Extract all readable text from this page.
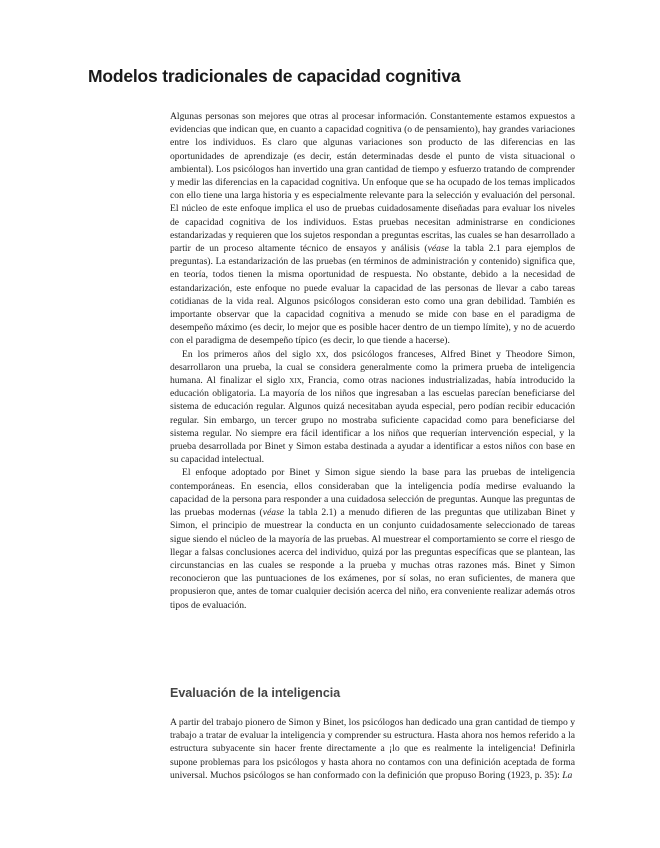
Modelos tradicionales de capacidad cognitiva

Algunas personas son mejores que otras al procesar información. Constantemente estamos expuestos a evidencias que indican que, en cuanto a capacidad cognitiva (o de pensamiento), hay grandes variaciones entre los individuos. Es claro que algunas variaciones son producto de las diferencias en las oportunidades de aprendizaje (es decir, están determinadas desde el punto de vista situacional o ambiental). Los psicólogos han invertido una gran cantidad de tiempo y esfuerzo tratando de comprender y medir las diferencias en la capacidad cognitiva. Un enfoque que se ha ocupado de los temas implicados con ello tiene una larga historia y es especialmente relevante para la selección y evaluación del personal. El núcleo de este enfoque implica el uso de pruebas cuidadosamente diseñadas para evaluar los niveles de capacidad cognitiva de los individuos. Estas pruebas necesitan administrarse en condiciones estandarizadas y requieren que los sujetos respondan a preguntas escritas, las cuales se han desarrollado a partir de un proceso altamente técnico de ensayos y análisis (véase la tabla 2.1 para ejemplos de preguntas). La estandarización de las pruebas (en términos de administración y contenido) significa que, en teoría, todos tienen la misma oportunidad de respuesta. No obstante, debido a la necesidad de estandarización, este enfoque no puede evaluar la capacidad de las personas de llevar a cabo tareas cotidianas de la vida real. Algunos psicólogos consideran esto como una gran debilidad. También es importante observar que la capacidad cognitiva a menudo se mide con base en el paradigma de desempeño máximo (es decir, lo mejor que es posible hacer dentro de un tiempo límite), y no de acuerdo con el paradigma de desempeño típico (es decir, lo que tiende a hacerse).

En los primeros años del siglo xx, dos psicólogos franceses, Alfred Binet y Theodore Simon, desarrollaron una prueba, la cual se considera generalmente como la primera prueba de inteligencia humana. Al finalizar el siglo xix, Francia, como otras naciones industrializadas, había introducido la educación obligatoria. La mayoría de los niños que ingresaban a las escuelas parecían beneficiarse del sistema de educación regular. Algunos quizá necesitaban ayuda especial, pero podían recibir educación regular. Sin embargo, un tercer grupo no mostraba suficiente capacidad como para beneficiarse del sistema regular. No siempre era fácil identificar a los niños que requerían intervención especial, y la prueba desarrollada por Binet y Simon estaba destinada a ayudar a identificar a estos niños con base en su capacidad intelectual.

El enfoque adoptado por Binet y Simon sigue siendo la base para las pruebas de inteligencia contemporáneas. En esencia, ellos consideraban que la inteligencia podía medirse evaluando la capacidad de la persona para responder a una cuidadosa selección de preguntas. Aunque las preguntas de las pruebas modernas (véase la tabla 2.1) a menudo difieren de las preguntas que utilizaban Binet y Simon, el principio de muestrear la conducta en un conjunto cuidadosamente seleccionado de tareas sigue siendo el núcleo de la mayoría de las pruebas. Al muestrear el comportamiento se corre el riesgo de llegar a falsas conclusiones acerca del individuo, quizá por las preguntas específicas que se plantean, las circunstancias en las cuales se responde a la prueba y muchas otras razones más. Binet y Simon reconocieron que las puntuaciones de los exámenes, por sí solas, no eran suficientes, de manera que propusieron que, antes de tomar cualquier decisión acerca del niño, era conveniente realizar además otros tipos de evaluación.

Evaluación de la inteligencia

A partir del trabajo pionero de Simon y Binet, los psicólogos han dedicado una gran cantidad de tiempo y trabajo a tratar de evaluar la inteligencia y comprender su estructura. Hasta ahora nos hemos referido a la estructura subyacente sin hacer frente directamente a ¡lo que es realmente la inteligencia! Definirla supone problemas para los psicólogos y hasta ahora no contamos con una definición aceptada de forma universal. Muchos psicólogos se han conformado con la definición que propuso Boring (1923, p. 35): La
